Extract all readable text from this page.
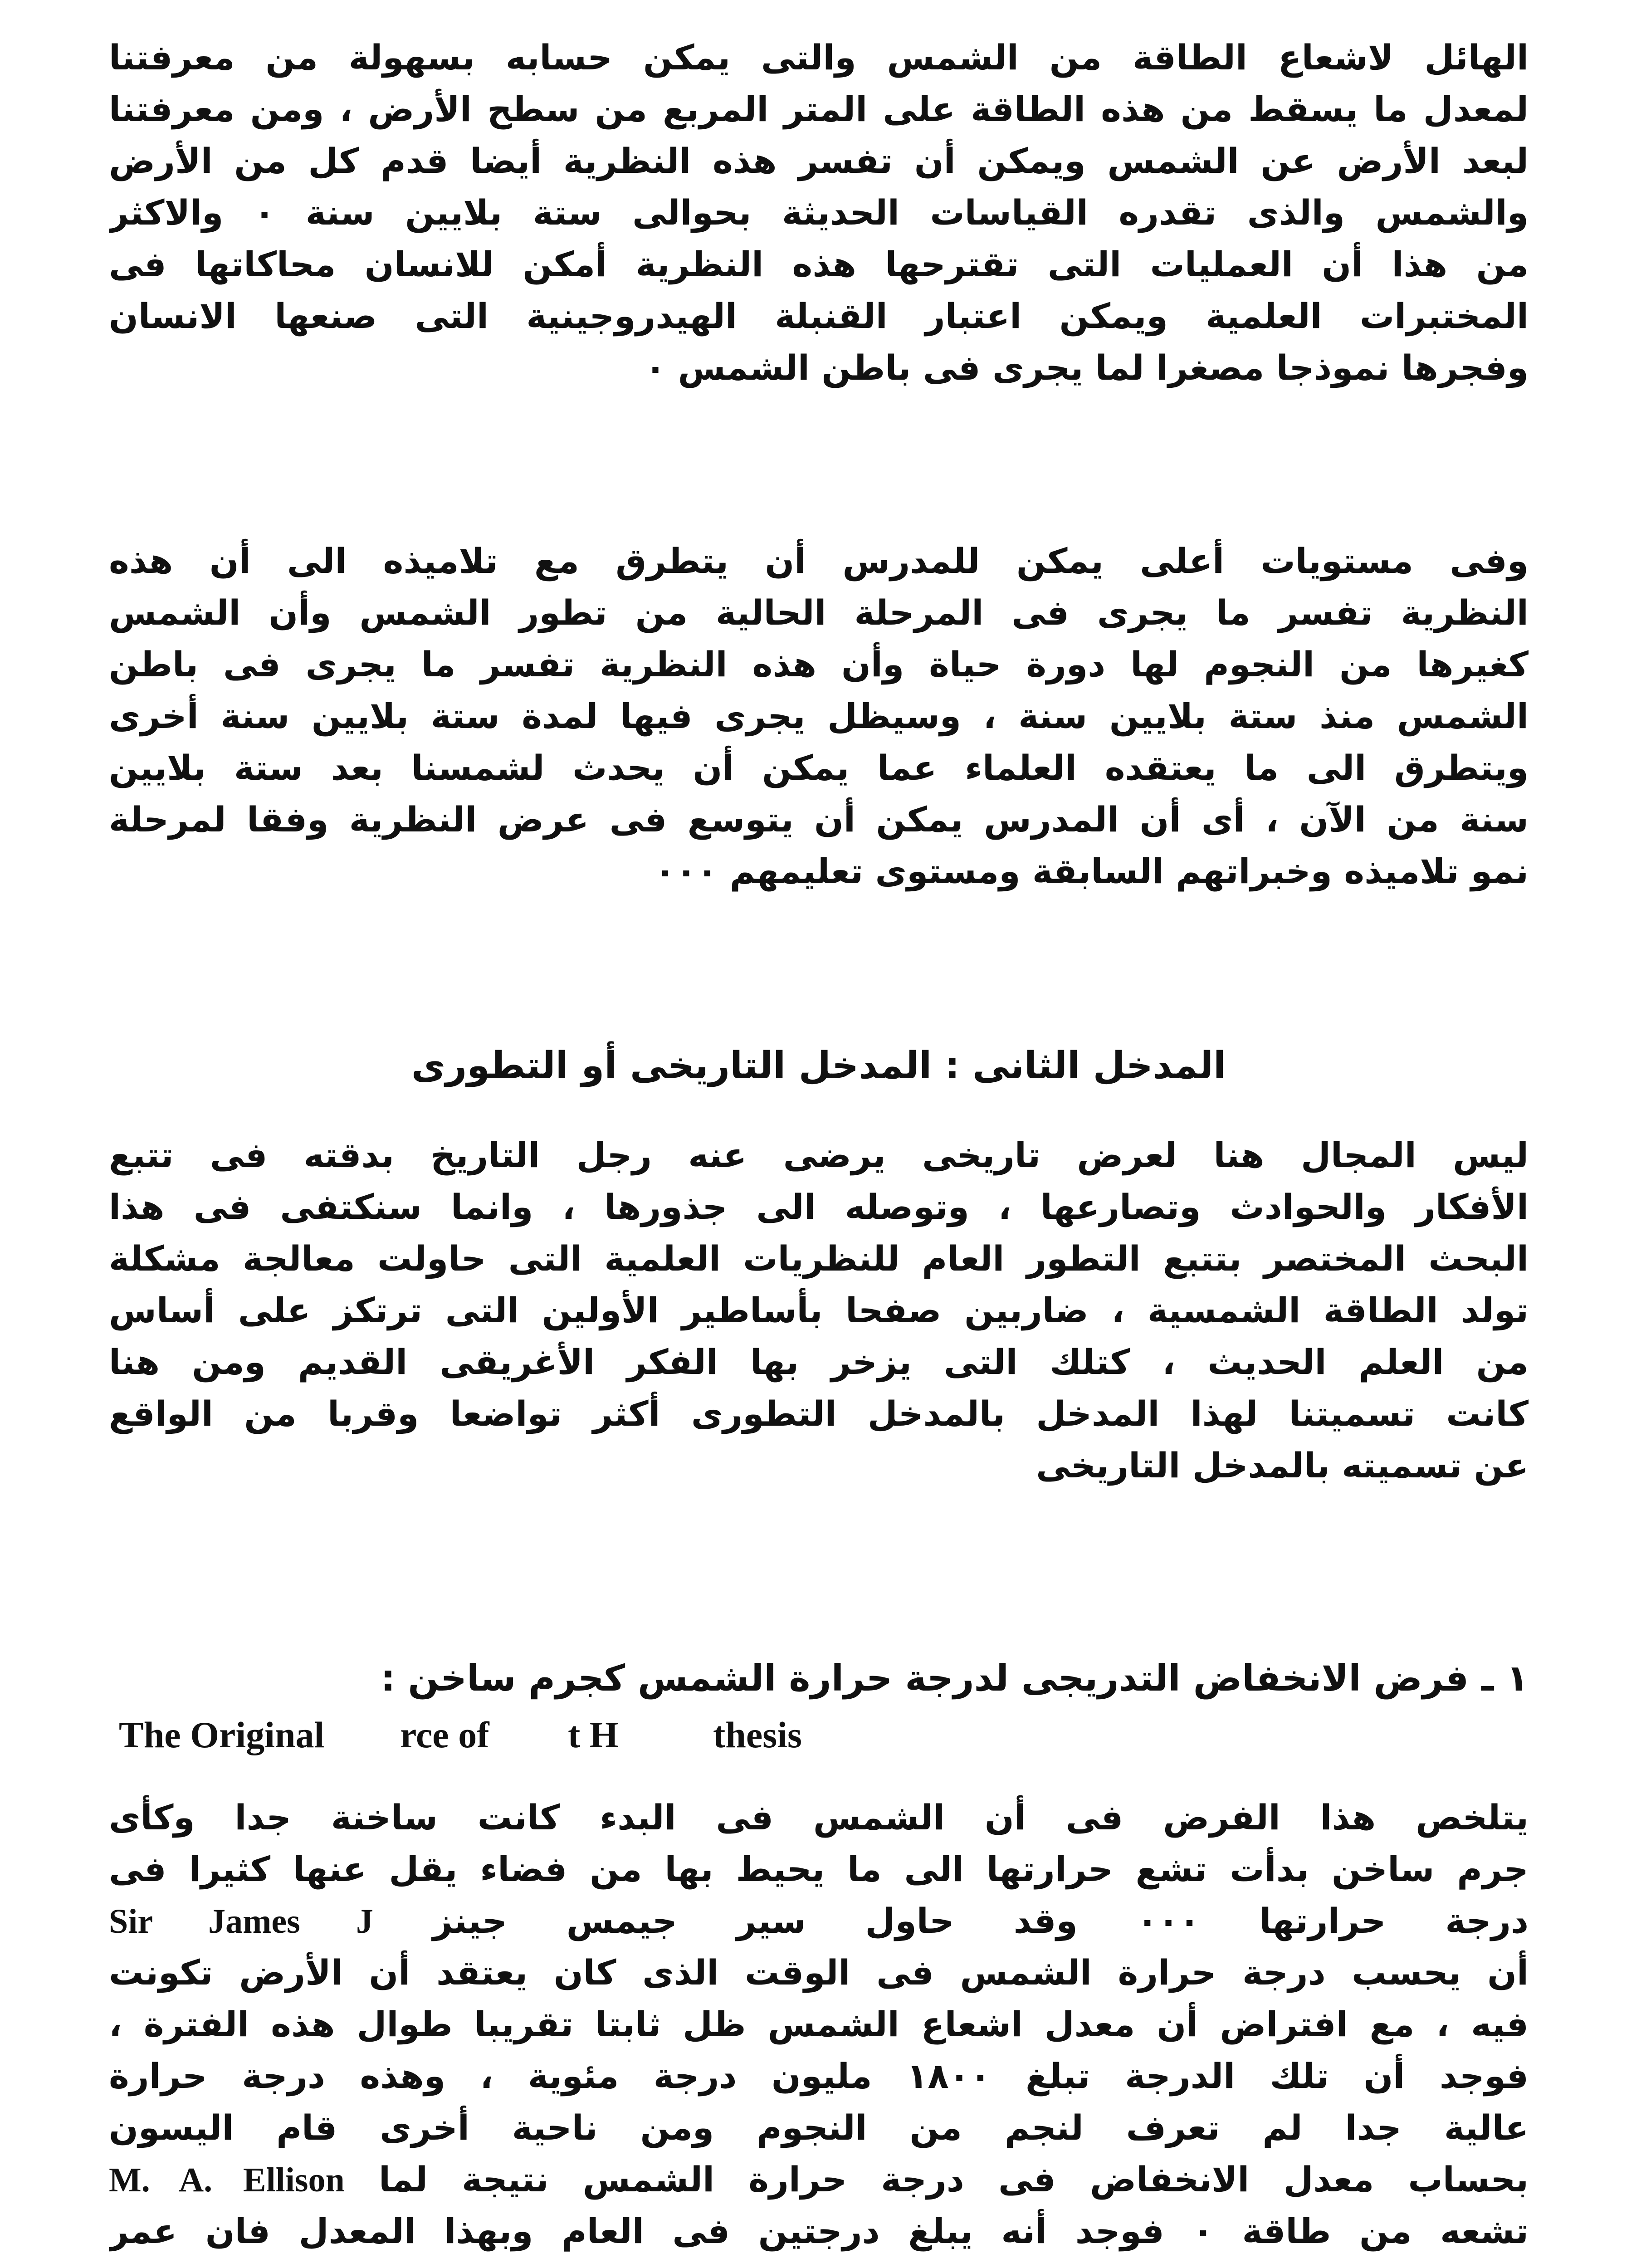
الهائل لاشعاع الطاقة من الشمس والتى يمكن حسابه بسهولة من معرفتنا
لمعدل ما يسقط من هذه الطاقة على المتر المربع من سطح الأرض ، ومن معرفتنا
لبعد الأرض عن الشمس ويمكن أن تفسر هذه النظرية أيضا قدم كل من الأرض
والشمس والذى تقدره القياسات الحديثة بحوالى ستة بلايين سنة ٠ والاكثر
من هذا أن العمليات التى تقترحها هذه النظرية أمكن للانسان محاكاتها فى
المختبرات العلمية ويمكن اعتبار القنبلة الهيدروجينية التى صنعها الانسان
وفجرها نموذجا مصغرا لما يجرى فى باطن الشمس ٠
وفى مستويات أعلى يمكن للمدرس أن يتطرق مع تلاميذه الى أن هذه
النظرية تفسر ما يجرى فى المرحلة الحالية من تطور الشمس وأن الشمس
كغيرها من النجوم لها دورة حياة وأن هذه النظرية تفسر ما يجرى فى باطن
الشمس منذ ستة بلايين سنة ، وسيظل يجرى فيها لمدة ستة بلايين سنة أخرى
ويتطرق الى ما يعتقده العلماء عما يمكن أن يحدث لشمسنا بعد ستة بلايين
سنة من الآن ، أى أن المدرس يمكن أن يتوسع فى عرض النظرية وفقا لمرحلة
نمو تلاميذه وخبراتهم السابقة ومستوى تعليمهم ٠٠٠
المدخل الثانى : المدخل التاريخى أو التطورى
ليس المجال هنا لعرض تاريخى يرضى عنه رجل التاريخ بدقته فى تتبع
الأفكار والحوادث وتصارعها ، وتوصله الى جذورها ، وانما سنكتفى فى هذا
البحث المختصر بتتبع التطور العام للنظريات العلمية التى حاولت معالجة مشكلة
تولد الطاقة الشمسية ، ضاربين صفحا بأساطير الأولين التى ترتكز على أساس
من العلم الحديث ، كتلك التى يزخر بها الفكر الأغريقى القديم ومن هنا
كانت تسميتنا لهذا المدخل بالمدخل التطورى أكثر تواضعا وقربا من الواقع
عن تسميته بالمدخل التاريخى
١ ـ فرض الانخفاض التدريجى لدرجة حرارة الشمس كجرم ساخن :
The Original rce of t H	thesis
يتلخص هذا الفرض فى أن الشمس فى البدء كانت ساخنة جدا وكأى
جرم ساخن بدأت تشع حرارتها الى ما يحيط بها من فضاء يقل عنها كثيرا فى
درجة حرارتها ٠٠٠ وقد حاول سير جيمس جينز Sir James J
أن يحسب درجة حرارة الشمس فى الوقت الذى كان يعتقد أن الأرض تكونت
فيه ، مع افتراض أن معدل اشعاع الشمس ظل ثابتا تقريبا طوال هذه الفترة ،
فوجد أن تلك الدرجة تبلغ ١٨٠٠ مليون درجة مئوية ، وهذه درجة حرارة
عالية جدا لم تعرف لنجم من النجوم ومن ناحية أخرى قام اليسون
بحساب معدل الانخفاض فى درجة حرارة الشمس نتيجة لما M. A. Ellison
تشعه من طاقة ٠ فوجد أنه يبلغ درجتين فى العام وبهذا المعدل فان عمر
